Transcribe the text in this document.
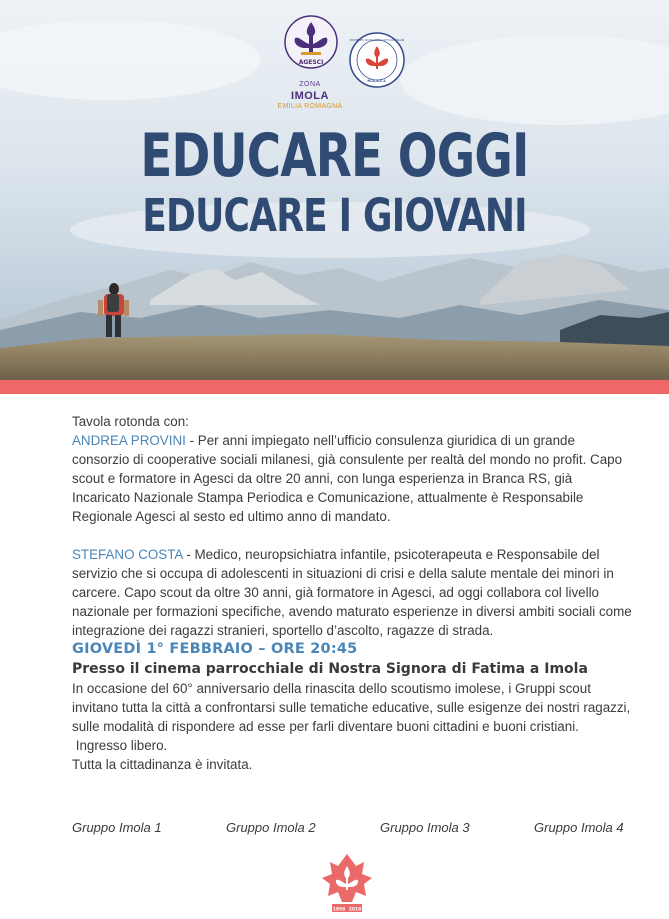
AGESCI
ZONA
IMOLA
EMILIA ROMAGNA
M.A.S.C.I.
MOVIMENTO ADULTI SCOUT CATTOLICI ITALIANI
EDUCARE OGGI
EDUCARE I GIOVANI

Tavola rotonda con:

ANDREA PROVINI - Per anni impiegato nell’ufficio consulenza giuridica di un grande consorzio di cooperative sociali milanesi, già consulente per realtà del mondo no profit. Capo scout e formatore in Agesci da oltre 20 anni, con lunga esperienza in Branca RS, già Incaricato Nazionale Stampa Periodica e Comunicazione, attualmente è Responsabile Regionale Agesci al sesto ed ultimo anno di mandato.

STEFANO COSTA - Medico, neuropsichiatra infantile, psicoterapeuta e Responsabile del servizio che si occupa di adolescenti in situazioni di crisi e della salute mentale dei minori in carcere. Capo scout da oltre 30 anni, già formatore in Agesci, ad oggi collabora col livello nazionale per formazioni specifiche, avendo maturato esperienze in diversi ambiti sociali come integrazione dei ragazzi stranieri, sportello d’ascolto, ragazze di strada.

GIOVEDÌ 1° FEBBRAIO – ORE 20:45

Presso il cinema parrocchiale di Nostra Signora di Fatima a Imola

In occasione del 60° anniversario della rinascita dello scoutismo imolese, i Gruppi scout invitano tutta la città a confrontarsi sulle tematiche educative, sulle esigenze dei nostri ragazzi, sulle modalità di rispondere ad esse per farli diventare buoni cittadini e buoni cristiani.

Ingresso libero.

Tutta la cittadinanza è invitata.

Gruppo Imola 1	Gruppo Imola 2	Gruppo Imola 3	Gruppo Imola 4
1958 2018
